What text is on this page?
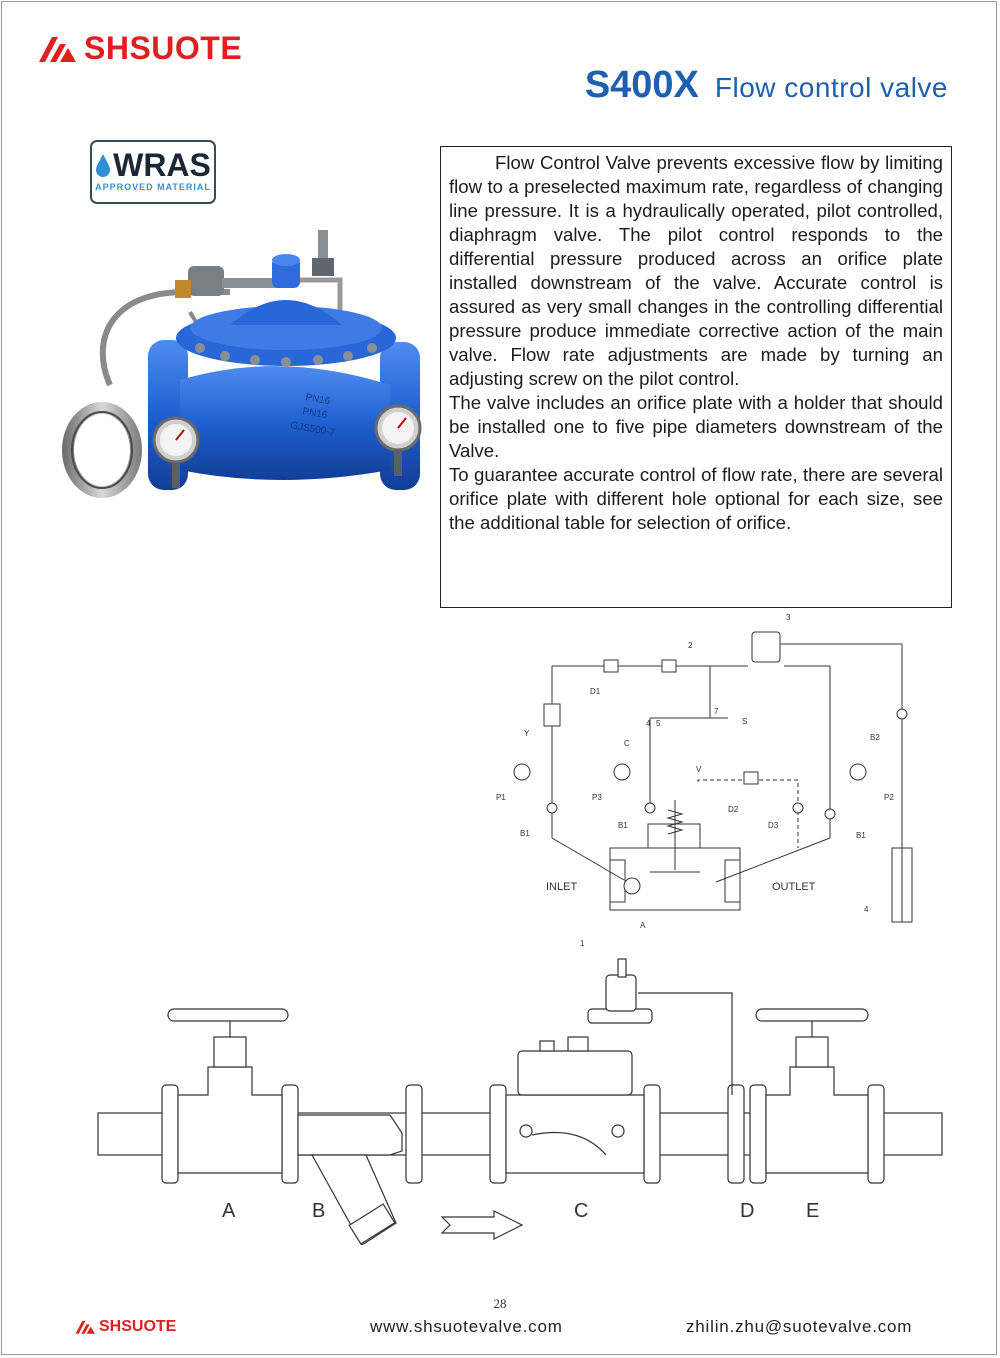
SHSUOTE
S400X Flow control valve
WRAS
APPROVED MATERIAL
PN16
PN16
GJS500-7

Flow Control Valve prevents excessive flow by limiting flow to a preselected maximum rate, regardless of changing line pressure. It is a hydraulically operated, pilot controlled, diaphragm valve. The pilot control responds to the differential pressure produced across an orifice plate installed downstream of the valve. Accurate control is assured as very small changes in the controlling differential pressure produce immediate corrective action of the main valve. Flow rate adjustments are made by turning an adjusting screw on the pilot control.

The valve includes an orifice plate with a holder that should be installed one to five pipe diameters downstream of the Valve.

To guarantee accurate control of flow rate, there are several orifice plate with different hole optional for each size, see the additional table for selection of orifice.

D1
2
3
Y
C
S
V
4 5
7
P1	P3	P2
B1
B1
B1
B2
D2
D3
A
1
4
INLET	OUTLET
A	B	C	D	E
28
SHSUOTE	www.shsuotevalve.com	zhilin.zhu@suotevalve.com
